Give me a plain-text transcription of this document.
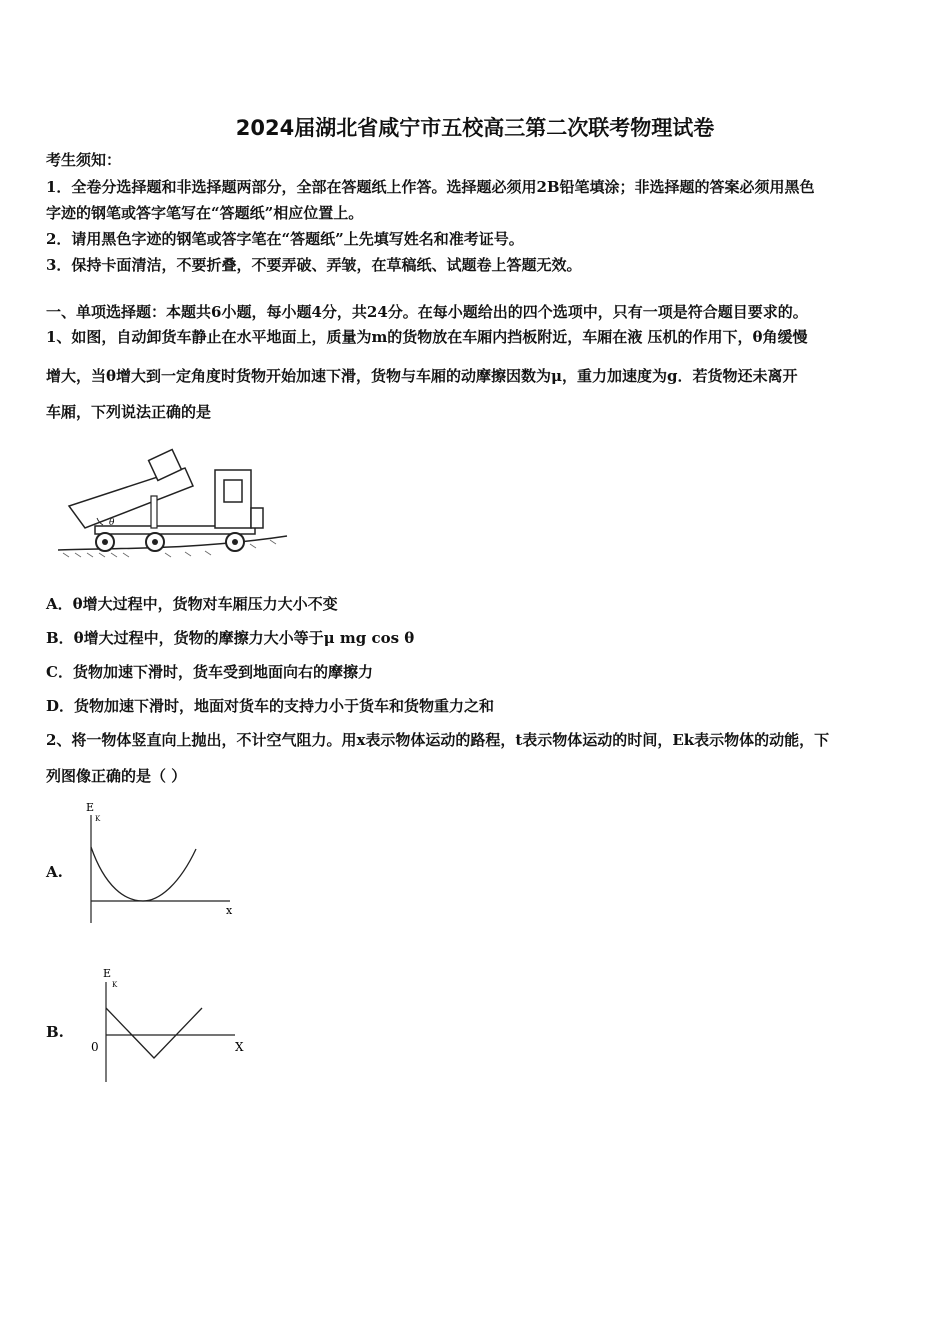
2024届湖北省咸宁市五校高三第二次联考物理试卷
考生须知：
1．全卷分选择题和非选择题两部分，全部在答题纸上作答。选择题必须用2B铅笔填涂；非选择题的答案必须用黑色
字迹的钢笔或答字笔写在“答题纸”相应位置上。
2．请用黑色字迹的钢笔或答字笔在“答题纸”上先填写姓名和准考证号。
3．保持卡面清洁，不要折叠，不要弄破、弄皱，在草稿纸、试题卷上答题无效。
一、单项选择题：本题共6小题，每小题4分，共24分。在每小题给出的四个选项中，只有一项是符合题目要求的。
1、如图，自动卸货车静止在水平地面上，质量为m的货物放在车厢内挡板附近，车厢在液 压机的作用下，θ角缓慢
增大，当θ增大到一定角度时货物开始加速下滑，货物与车厢的动摩擦因数为μ，重力加速度为g．若货物还未离开
车厢，下列说法正确的是
θ
A．θ增大过程中，货物对车厢压力大小不变
B．θ增大过程中，货物的摩擦力大小等于μ mg cos θ
C．货物加速下滑时，货车受到地面向右的摩擦力
D．货物加速下滑时，地面对货车的支持力小于货车和货物重力之和
2、将一物体竖直向上抛出，不计空气阻力。用x表示物体运动的路程，t表示物体运动的时间，Ek表示物体的动能，下
列图像正确的是（ ）
A.
E
K
x
B.
E
K
0	X
